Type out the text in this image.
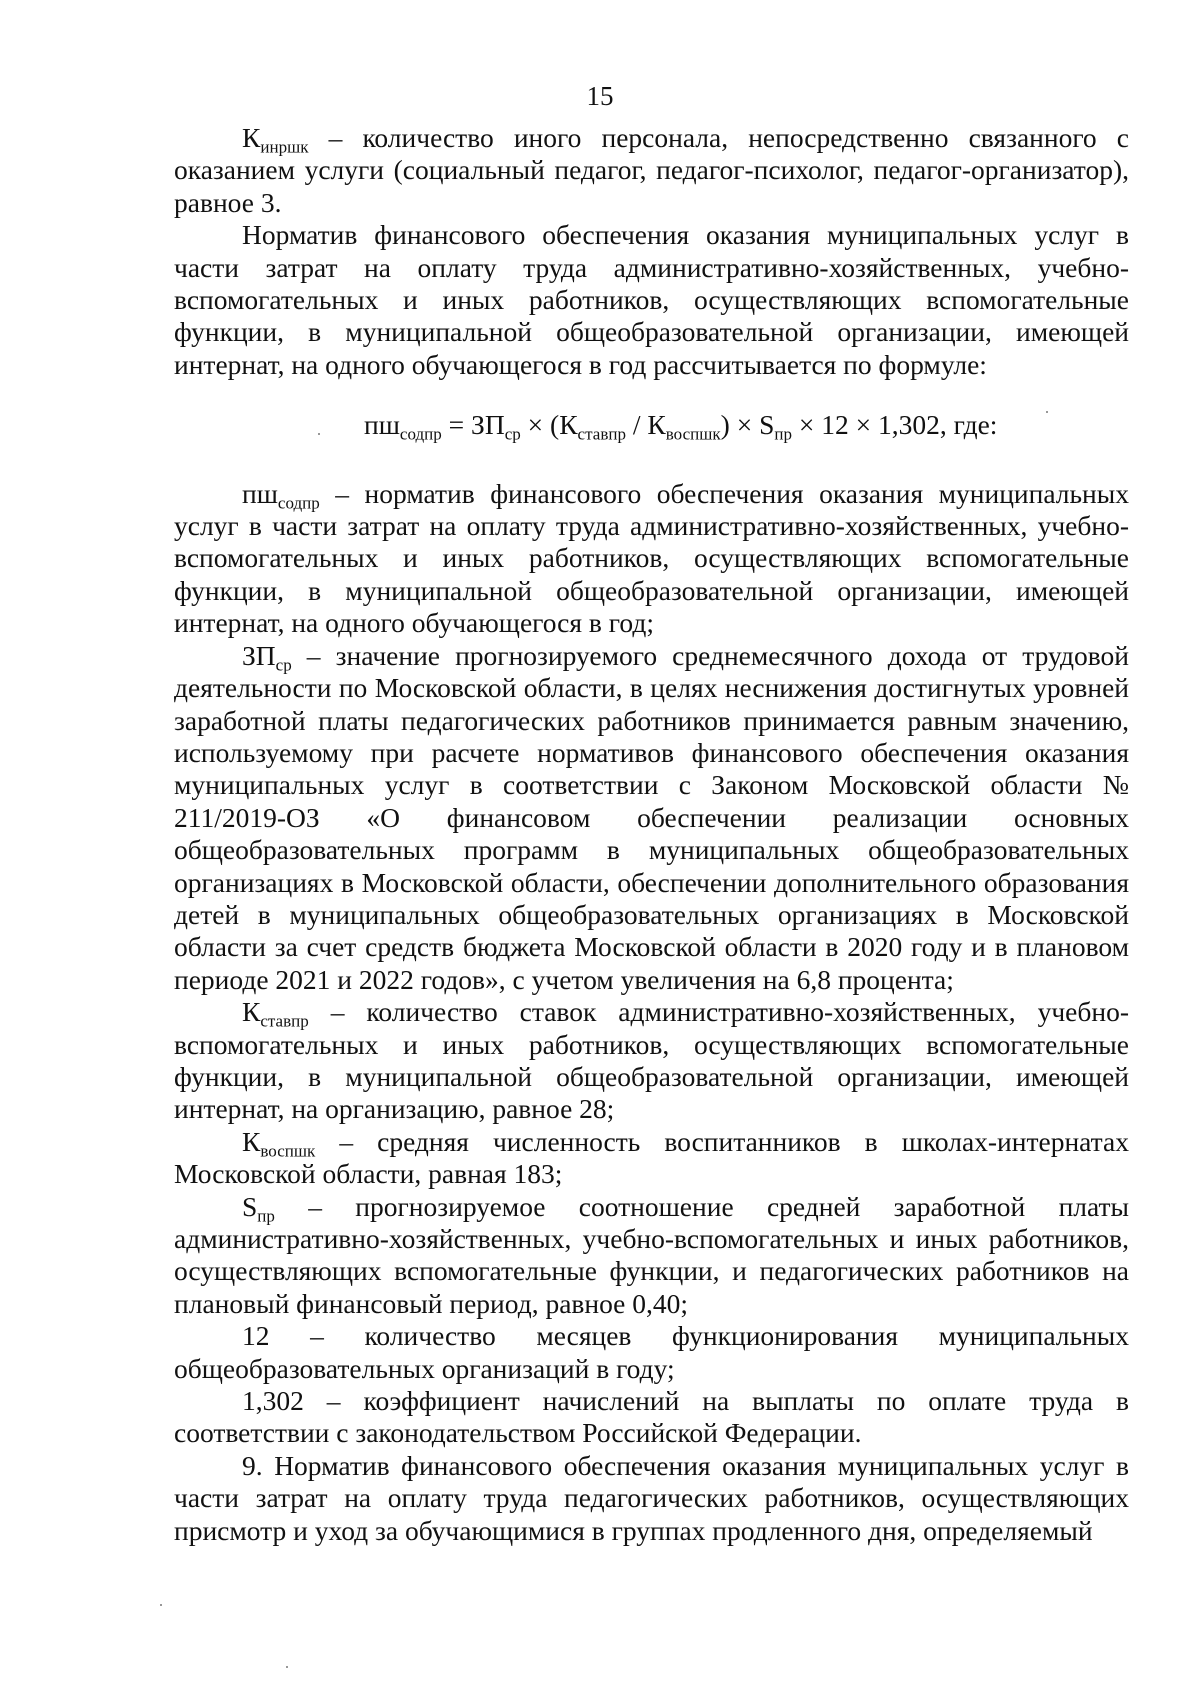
15

$К_{инршк}$ – количество иного персонала, непосредственно связанного с оказанием услуги (социальный педагог, педагог-психолог, педагог-организатор), равное 3.

Норматив финансового обеспечения оказания муниципальных услуг в части затрат на оплату труда административно-хозяйственных, учебно-вспомогательных и иных работников, осуществляющих вспомогательные функции, в муниципальной общеобразовательной организации, имеющей интернат, на одного обучающегося в год рассчитывается по формуле:

$пш_{содпр} = ЗП_{ср} \times (К_{ставпр} / К_{воспшк}) \times S_{пр} \times 12 \times 1,302$, где:

$пш_{содпр}$ – норматив финансового обеспечения оказания муниципальных услуг в части затрат на оплату труда административно-хозяйственных, учебно-вспомогательных и иных работников, осуществляющих вспомогательные функции, в муниципальной общеобразовательной организации, имеющей интернат, на одного обучающегося в год;

$ЗП_{ср}$ – значение прогнозируемого среднемесячного дохода от трудовой деятельности по Московской области, в целях неснижения достигнутых уровней заработной платы педагогических работников принимается равным значению, используемому при расчете нормативов финансового обеспечения оказания муниципальных услуг в соответствии с Законом Московской области № 211/2019-ОЗ «О финансовом обеспечении реализации основных общеобразовательных программ в муниципальных общеобразовательных организациях в Московской области, обеспечении дополнительного образования детей в муниципальных общеобразовательных организациях в Московской области за счет средств бюджета Московской области в 2020 году и в плановом периоде 2021 и 2022 годов», с учетом увеличения на 6,8 процента;

$К_{ставпр}$ – количество ставок административно-хозяйственных, учебно-вспомогательных и иных работников, осуществляющих вспомогательные функции, в муниципальной общеобразовательной организации, имеющей интернат, на организацию, равное 28;

$К_{воспшк}$ – средняя численность воспитанников в школах-интернатах Московской области, равная 183;

$S_{пр}$ – прогнозируемое соотношение средней заработной платы административно-хозяйственных, учебно-вспомогательных и иных работников, осуществляющих вспомогательные функции, и педагогических работников на плановый финансовый период, равное 0,40;

12 – количество месяцев функционирования муниципальных общеобразовательных организаций в году;

1,302 – коэффициент начислений на выплаты по оплате труда в соответствии с законодательством Российской Федерации.

9. Норматив финансового обеспечения оказания муниципальных услуг в части затрат на оплату труда педагогических работников, осуществляющих присмотр и уход за обучающимися в группах продленного дня, определяемый
